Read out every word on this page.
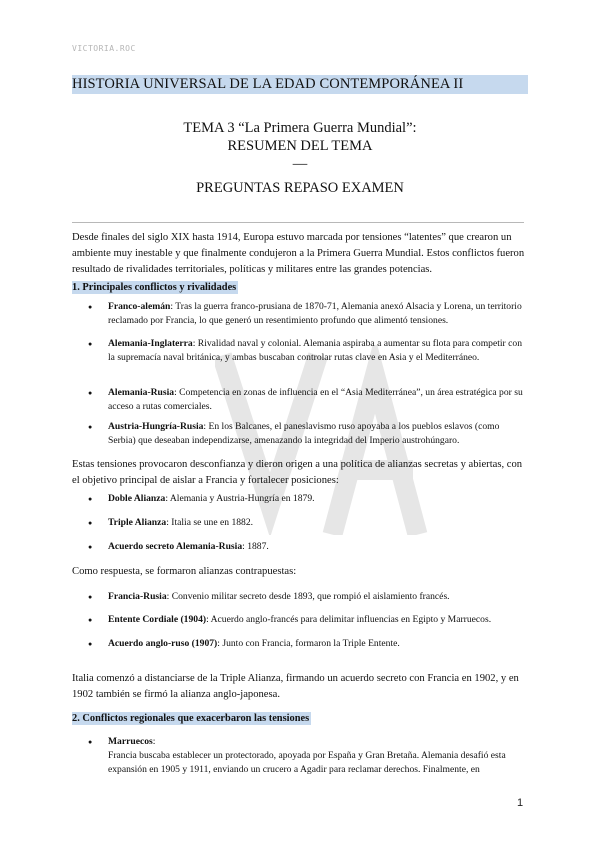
VICTORIA.ROC
HISTORIA UNIVERSAL DE LA EDAD CONTEMPORÁNEA II
TEMA 3 “La Primera Guerra Mundial”:
RESUMEN DEL TEMA
—
PREGUNTAS REPASO EXAMEN
Desde finales del siglo XIX hasta 1914, Europa estuvo marcada por tensiones “latentes” que crearon un ambiente muy inestable y que finalmente condujeron a la Primera Guerra Mundial. Estos conflictos fueron resultado de rivalidades territoriales, políticas y militares entre las grandes potencias.
1. Principales conflictos y rivalidades
● Franco-alemán: Tras la guerra franco-prusiana de 1870-71, Alemania anexó Alsacia y Lorena, un territorio reclamado por Francia, lo que generó un resentimiento profundo que alimentó tensiones.
● Alemania-Inglaterra: Rivalidad naval y colonial. Alemania aspiraba a aumentar su flota para competir con la supremacía naval británica, y ambas buscaban controlar rutas clave en Asia y el Mediterráneo.
● Alemania-Rusia: Competencia en zonas de influencia en el “Asia Mediterránea”, un área estratégica por su acceso a rutas comerciales.
● Austria-Hungría-Rusia: En los Balcanes, el paneslavismo ruso apoyaba a los pueblos eslavos (como Serbia) que deseaban independizarse, amenazando la integridad del Imperio austrohúngaro.
Estas tensiones provocaron desconfianza y dieron origen a una política de alianzas secretas y abiertas, con el objetivo principal de aislar a Francia y fortalecer posiciones:
● Doble Alianza: Alemania y Austria-Hungría en 1879.
● Triple Alianza: Italia se une en 1882.
● Acuerdo secreto Alemania-Rusia: 1887.
Como respuesta, se formaron alianzas contrapuestas:
● Francia-Rusia: Convenio militar secreto desde 1893, que rompió el aislamiento francés.
● Entente Cordiale (1904): Acuerdo anglo-francés para delimitar influencias en Egipto y Marruecos.
● Acuerdo anglo-ruso (1907): Junto con Francia, formaron la Triple Entente.
Italia comenzó a distanciarse de la Triple Alianza, firmando un acuerdo secreto con Francia en 1902, y en 1902 también se firmó la alianza anglo-japonesa.
2. Conflictos regionales que exacerbaron las tensiones
● Marruecos:
Francia buscaba establecer un protectorado, apoyada por España y Gran Bretaña. Alemania desafió esta expansión en 1905 y 1911, enviando un crucero a Agadir para reclamar derechos. Finalmente, en
1
